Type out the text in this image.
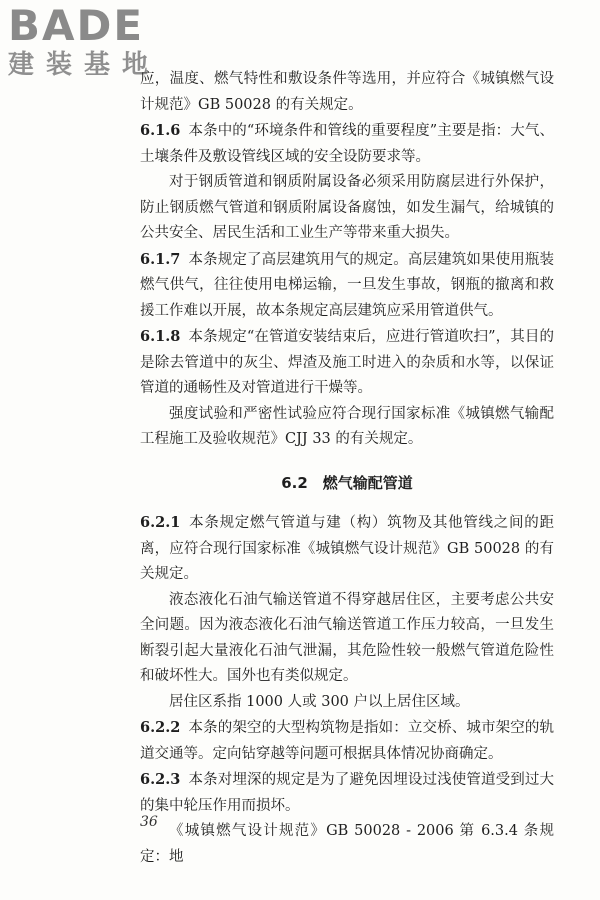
BADE
建装基地

应，温度、燃气特性和敷设条件等选用，并应符合《城镇燃气设计规范》GB 50028 的有关规定。

6.1.6 本条中的“环境条件和管线的重要程度”主要是指：大气、土壤条件及敷设管线区域的安全设防要求等。

对于钢质管道和钢质附属设备必须采用防腐层进行外保护，防止钢质燃气管道和钢质附属设备腐蚀，如发生漏气，给城镇的公共安全、居民生活和工业生产等带来重大损失。

6.1.7 本条规定了高层建筑用气的规定。高层建筑如果使用瓶装燃气供气，往往使用电梯运输，一旦发生事故，钢瓶的撤离和救援工作难以开展，故本条规定高层建筑应采用管道供气。

6.1.8 本条规定“在管道安装结束后，应进行管道吹扫”，其目的是除去管道中的灰尘、焊渣及施工时进入的杂质和水等，以保证管道的通畅性及对管道进行干燥等。

强度试验和严密性试验应符合现行国家标准《城镇燃气输配工程施工及验收规范》CJJ 33 的有关规定。

6.2　燃气输配管道

6.2.1 本条规定燃气管道与建（构）筑物及其他管线之间的距离，应符合现行国家标准《城镇燃气设计规范》GB 50028 的有关规定。

液态液化石油气输送管道不得穿越居住区，主要考虑公共安全问题。因为液态液化石油气输送管道工作压力较高，一旦发生断裂引起大量液化石油气泄漏，其危险性较一般燃气管道危险性和破坏性大。国外也有类似规定。

居住区系指 1000 人或 300 户以上居住区域。

6.2.2 本条的架空的大型构筑物是指如：立交桥、城市架空的轨道交通等。定向钻穿越等问题可根据具体情况协商确定。

6.2.3 本条对埋深的规定是为了避免因埋设过浅使管道受到过大的集中轮压作用而损坏。

《城镇燃气设计规范》GB 50028 - 2006 第 6.3.4 条规定：地

36
